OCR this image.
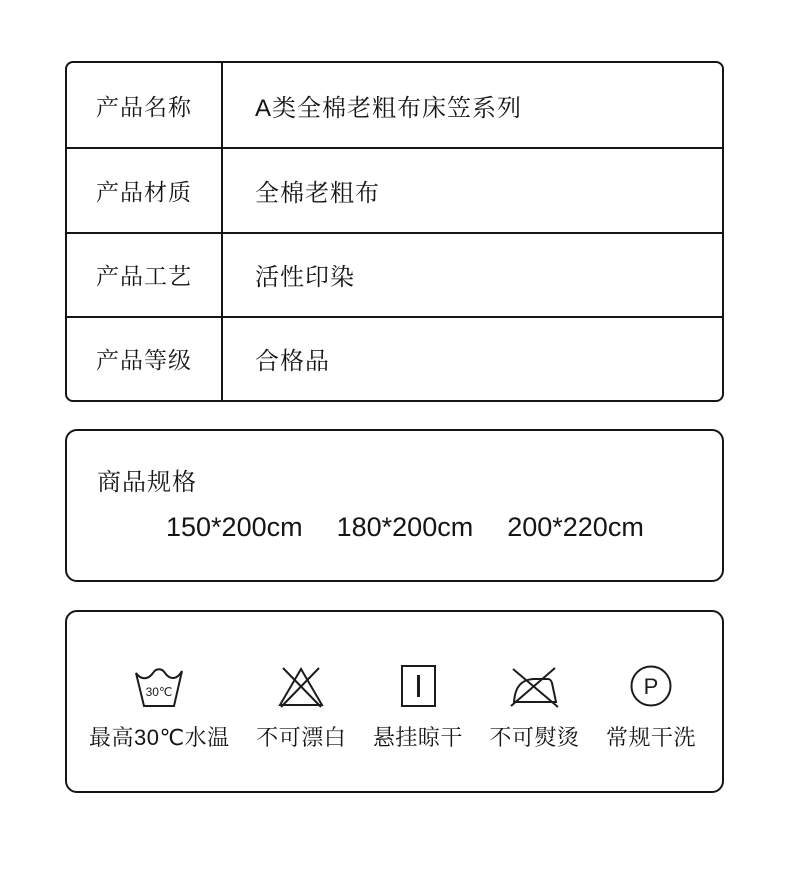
产品名称	A类全棉老粗布床笠系列
产品材质	全棉老粗布
产品工艺	活性印染
产品等级	合格品
商品规格
150*200cm 180*200cm 200*220cm
30℃
最高30℃水温 不可漂白 悬挂晾干 不可熨烫
P
常规干洗
